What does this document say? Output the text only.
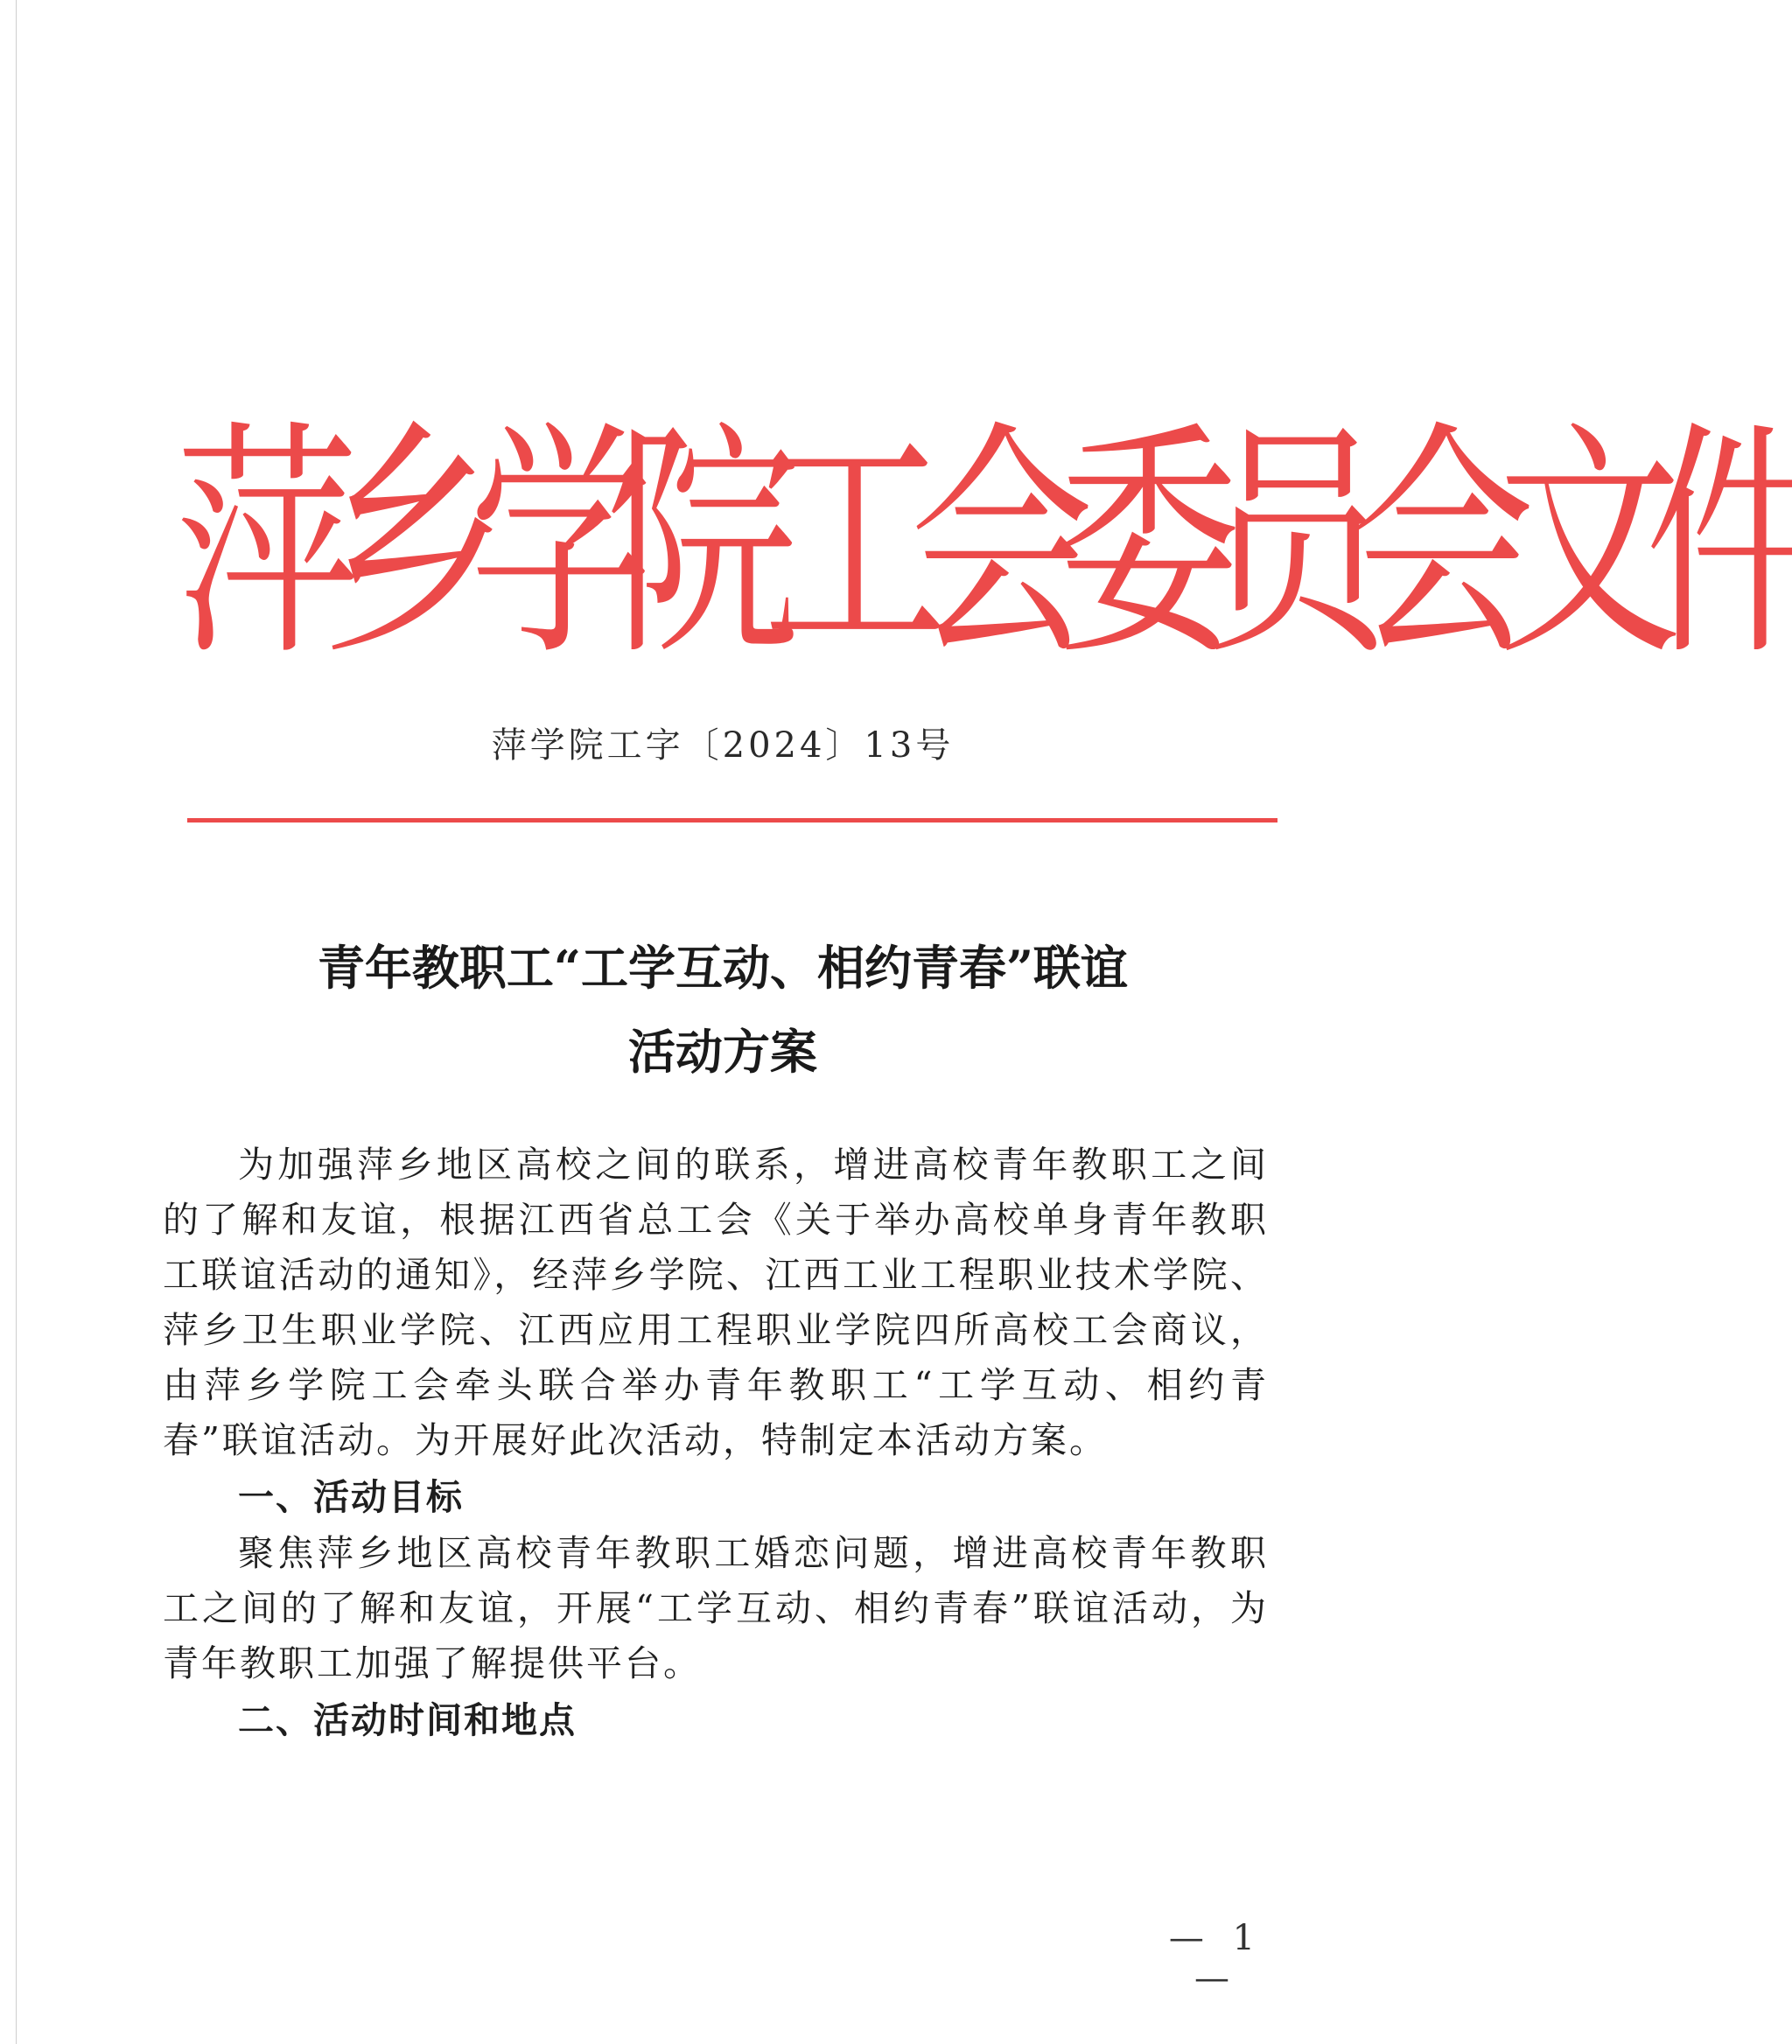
萍乡学院工会委员会文件
萍学院工字〔2024〕13号
青年教职工“工学互动、相约青春”联谊
活动方案

为加强萍乡地区高校之间的联系，增进高校青年教职工之间的了解和友谊，根据江西省总工会《关于举办高校单身青年教职工联谊活动的通知》，经萍乡学院、江西工业工程职业技术学院、萍乡卫生职业学院、江西应用工程职业学院四所高校工会商议，由萍乡学院工会牵头联合举办青年教职工“工学互动、相约青春”联谊活动。为开展好此次活动，特制定本活动方案。

一、活动目标

聚焦萍乡地区高校青年教职工婚恋问题，增进高校青年教职工之间的了解和友谊，开展“工学互动、相约青春”联谊活动，为青年教职工加强了解提供平台。

二、活动时间和地点
— 1 —
